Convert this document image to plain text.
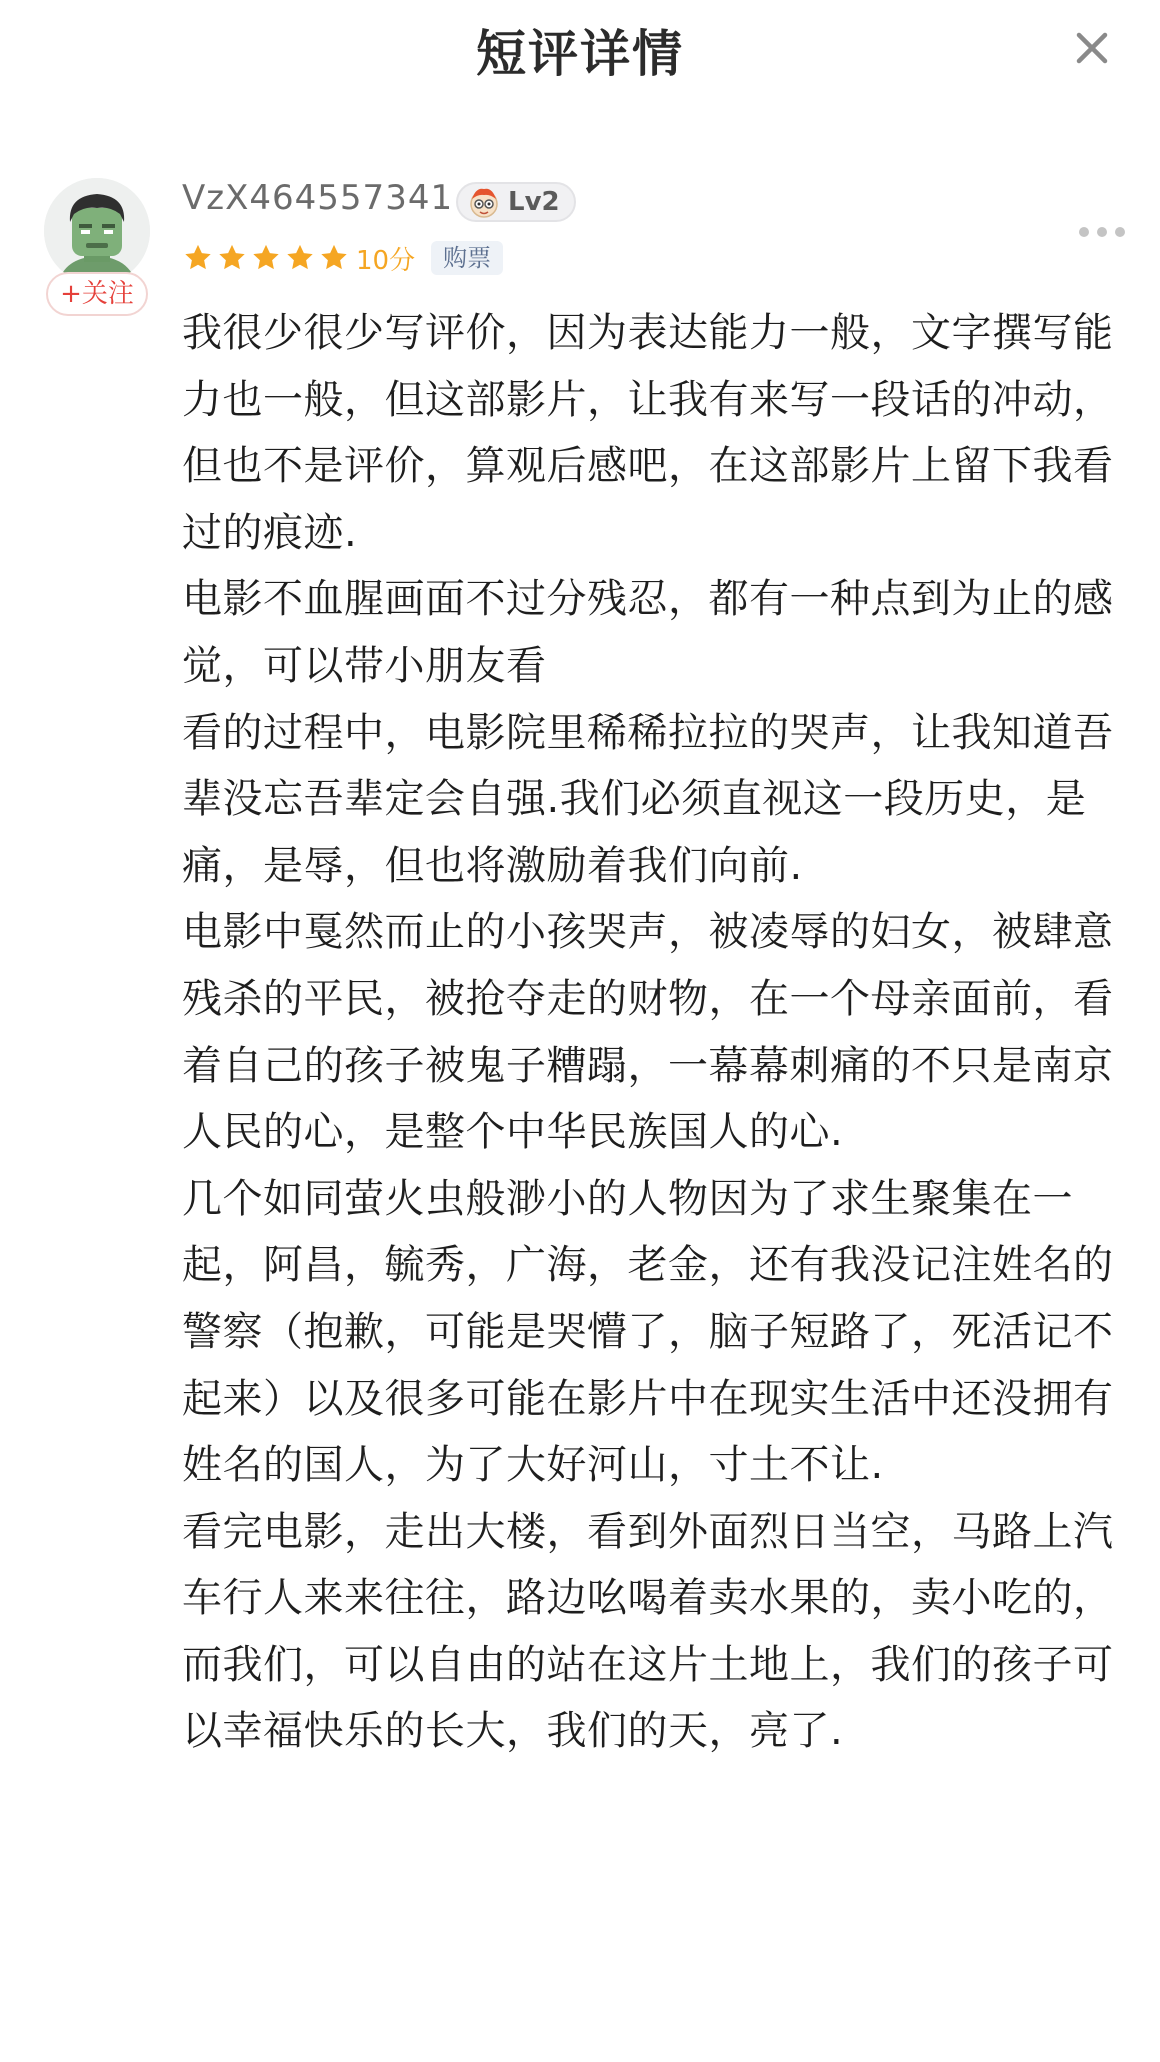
短评详情
+关注
VzX464557341	Lv2
10分	购票

我很少很少写评价，因为表达能力一般，文字撰写能力也一般，但这部影片，让我有来写一段话的冲动，但也不是评价，算观后感吧，在这部影片上留下我看过的痕迹.

电影不血腥画面不过分残忍，都有一种点到为止的感觉，可以带小朋友看

看的过程中，电影院里稀稀拉拉的哭声，让我知道吾辈没忘吾辈定会自强.我们必须直视这一段历史，是痛，是辱，但也将激励着我们向前.

电影中戛然而止的小孩哭声，被凌辱的妇女，被肆意残杀的平民，被抢夺走的财物，在一个母亲面前，看着自己的孩子被鬼子糟蹋，一幕幕刺痛的不只是南京人民的心，是整个中华民族国人的心.

几个如同萤火虫般渺小的人物因为了求生聚集在一起，阿昌，毓秀，广海，老金，还有我没记注姓名的警察（抱歉，可能是哭懵了，脑子短路了，死活记不起来）以及很多可能在影片中在现实生活中还没拥有姓名的国人，为了大好河山，寸土不让.

看完电影，走出大楼，看到外面烈日当空，马路上汽车行人来来往往，路边吆喝着卖水果的，卖小吃的，而我们，可以自由的站在这片土地上，我们的孩子可以幸福快乐的长大，我们的天，亮了.
